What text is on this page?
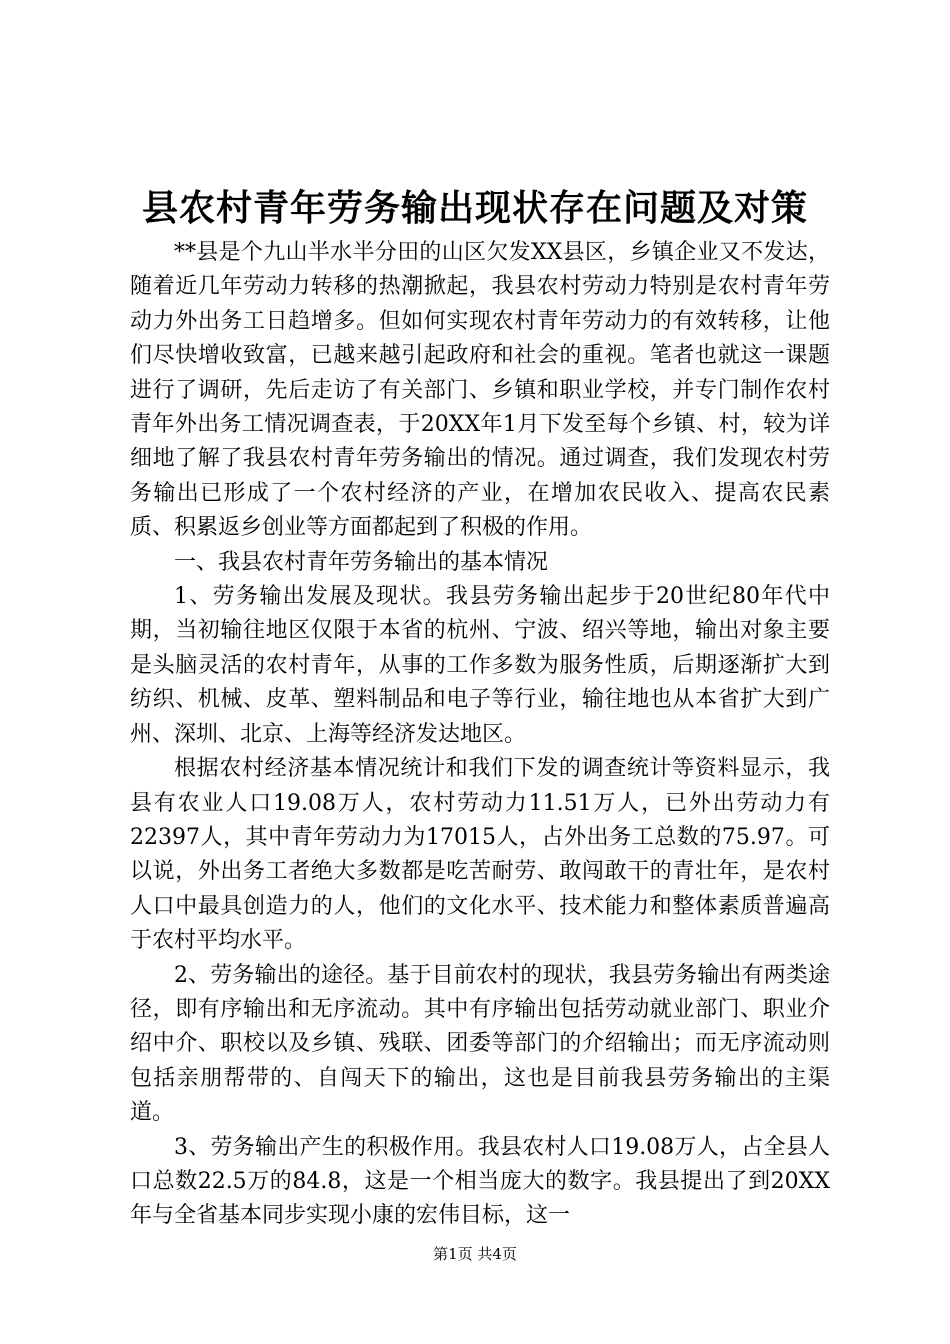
县农村青年劳务输出现状存在问题及对策

**县是个九山半水半分田的山区欠发XX县区，乡镇企业又不发达，随着近几年劳动力转移的热潮掀起，我县农村劳动力特别是农村青年劳动力外出务工日趋增多。但如何实现农村青年劳动力的有效转移，让他们尽快增收致富，已越来越引起政府和社会的重视。笔者也就这一课题进行了调研，先后走访了有关部门、乡镇和职业学校，并专门制作农村青年外出务工情况调查表，于20XX年1月下发至每个乡镇、村，较为详细地了解了我县农村青年劳务输出的情况。通过调查，我们发现农村劳务输出已形成了一个农村经济的产业，在增加农民收入、提高农民素质、积累返乡创业等方面都起到了积极的作用。

一、我县农村青年劳务输出的基本情况

1、劳务输出发展及现状。我县劳务输出起步于20世纪80年代中期，当初输往地区仅限于本省的杭州、宁波、绍兴等地，输出对象主要是头脑灵活的农村青年，从事的工作多数为服务性质，后期逐渐扩大到纺织、机械、皮革、塑料制品和电子等行业，输往地也从本省扩大到广州、深圳、北京、上海等经济发达地区。

根据农村经济基本情况统计和我们下发的调查统计等资料显示，我县有农业人口19.08万人，农村劳动力11.51万人，已外出劳动力有22397人，其中青年劳动力为17015人，占外出务工总数的75.97。可以说，外出务工者绝大多数都是吃苦耐劳、敢闯敢干的青壮年，是农村人口中最具创造力的人，他们的文化水平、技术能力和整体素质普遍高于农村平均水平。

2、劳务输出的途径。基于目前农村的现状，我县劳务输出有两类途径，即有序输出和无序流动。其中有序输出包括劳动就业部门、职业介绍中介、职校以及乡镇、残联、团委等部门的介绍输出；而无序流动则包括亲朋帮带的、自闯天下的输出，这也是目前我县劳务输出的主渠道。

3、劳务输出产生的积极作用。我县农村人口19.08万人，占全县人口总数22.5万的84.8，这是一个相当庞大的数字。我县提出了到20XX年与全省基本同步实现小康的宏伟目标，这一

第1页 共4页
